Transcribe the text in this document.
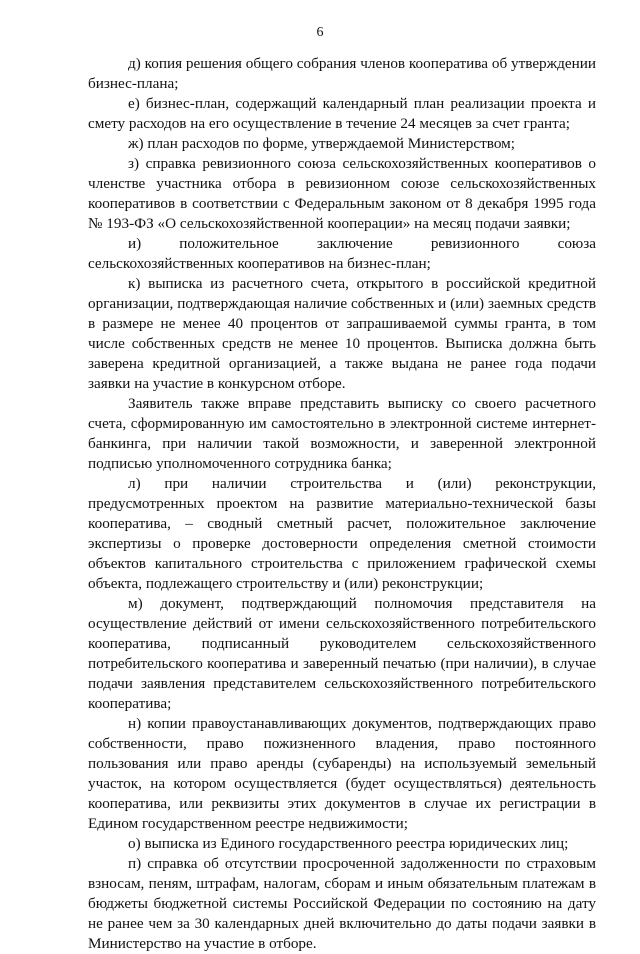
6

д) копия решения общего собрания членов кооператива об утверждении бизнес-плана;

е) бизнес-план, содержащий календарный план реализации проекта и смету расходов на его осуществление в течение 24 месяцев за счет гранта;

ж) план расходов по форме, утверждаемой Министерством;

з) справка ревизионного союза сельскохозяйственных кооперативов о членстве участника отбора в ревизионном союзе сельскохозяйственных кооперативов в соответствии с Федеральным законом от 8 декабря 1995 года № 193-ФЗ «О сельскохозяйственной кооперации» на месяц подачи заявки;

и) положительное заключение ревизионного союза сельскохозяйственных кооперативов на бизнес-план;

к) выписка из расчетного счета, открытого в российской кредитной организации, подтверждающая наличие собственных и (или) заемных средств в размере не менее 40 процентов от запрашиваемой суммы гранта, в том числе собственных средств не менее 10 процентов. Выписка должна быть заверена кредитной организацией, а также выдана не ранее года подачи заявки на участие в конкурсном отборе.

Заявитель также вправе представить выписку со своего расчетного счета, сформированную им самостоятельно в электронной системе интернет-банкинга, при наличии такой возможности, и заверенной электронной подписью уполномоченного сотрудника банка;

л) при наличии строительства и (или) реконструкции, предусмотренных проектом на развитие материально-технической базы кооператива, – сводный сметный расчет, положительное заключение экспертизы о проверке достоверности определения сметной стоимости объектов капитального строительства с приложением графической схемы объекта, подлежащего строительству и (или) реконструкции;

м) документ, подтверждающий полномочия представителя на осуществление действий от имени сельскохозяйственного потребительского кооператива, подписанный руководителем сельскохозяйственного потребительского кооператива и заверенный печатью (при наличии), в случае подачи заявления представителем сельскохозяйственного потребительского кооператива;

н) копии правоустанавливающих документов, подтверждающих право собственности, право пожизненного владения, право постоянного пользования или право аренды (субаренды) на используемый земельный участок, на котором осуществляется (будет осуществляться) деятельность кооператива, или реквизиты этих документов в случае их регистрации в Едином государственном реестре недвижимости;

о) выписка из Единого государственного реестра юридических лиц;

п) справка об отсутствии просроченной задолженности по страховым взносам, пеням, штрафам, налогам, сборам и иным обязательным платежам в бюджеты бюджетной системы Российской Федерации по состоянию на дату не ранее чем за 30 календарных дней включительно до даты подачи заявки в Министерство на участие в отборе.
